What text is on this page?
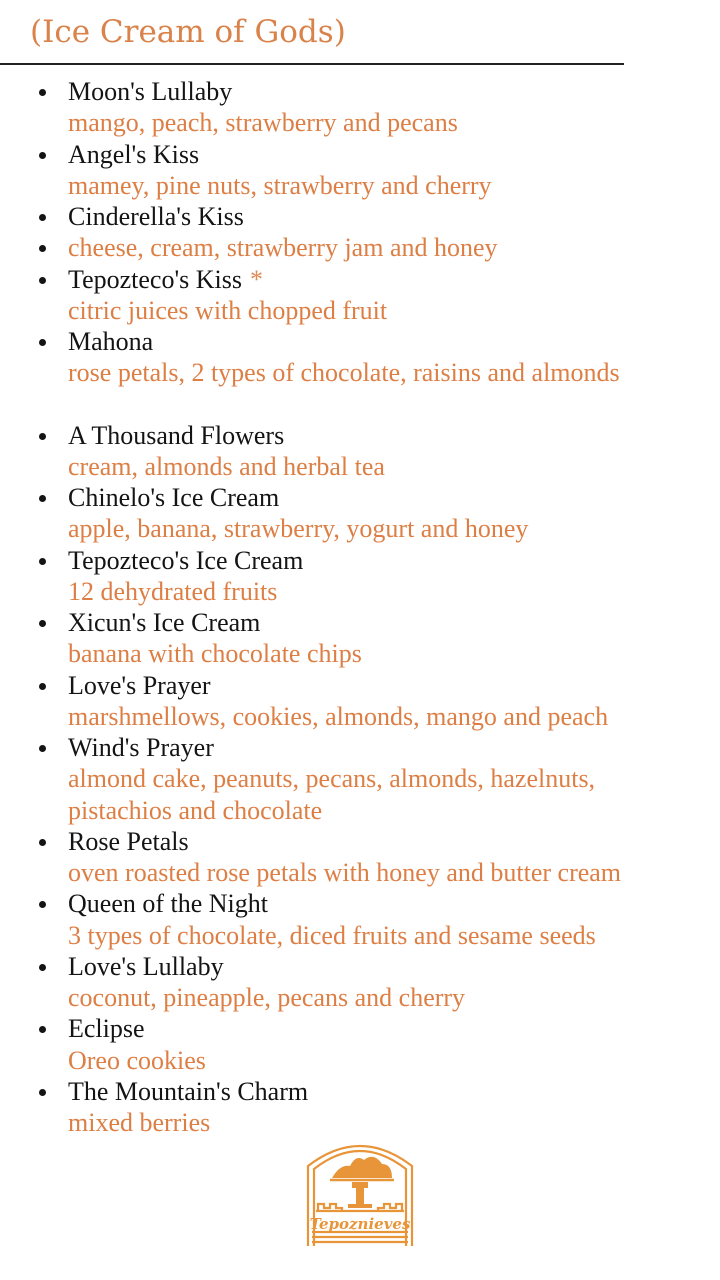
(Ice Cream of Gods)
Moon's Lullaby
mango, peach, strawberry and pecans
Angel's Kiss
mamey, pine nuts, strawberry and cherry
Cinderella's Kiss
cheese, cream, strawberry jam and honey
Tepozteco's Kiss *
citric juices with chopped fruit
Mahona
rose petals, 2 types of chocolate, raisins and almonds
A Thousand Flowers
cream, almonds and herbal tea
Chinelo's Ice Cream
apple, banana, strawberry, yogurt and honey
Tepozteco's Ice Cream
12 dehydrated fruits
Xicun's Ice Cream
banana with chocolate chips
Love's Prayer
marshmellows, cookies, almonds, mango and peach
Wind's Prayer
almond cake, peanuts, pecans, almonds, hazelnuts,
pistachios and chocolate
Rose Petals
oven roasted rose petals with honey and butter cream
Queen of the Night
3 types of chocolate, diced fruits and sesame seeds
Love's Lullaby
coconut, pineapple, pecans and cherry
Eclipse
Oreo cookies
The Mountain's Charm
mixed berries
Tepoznieves
